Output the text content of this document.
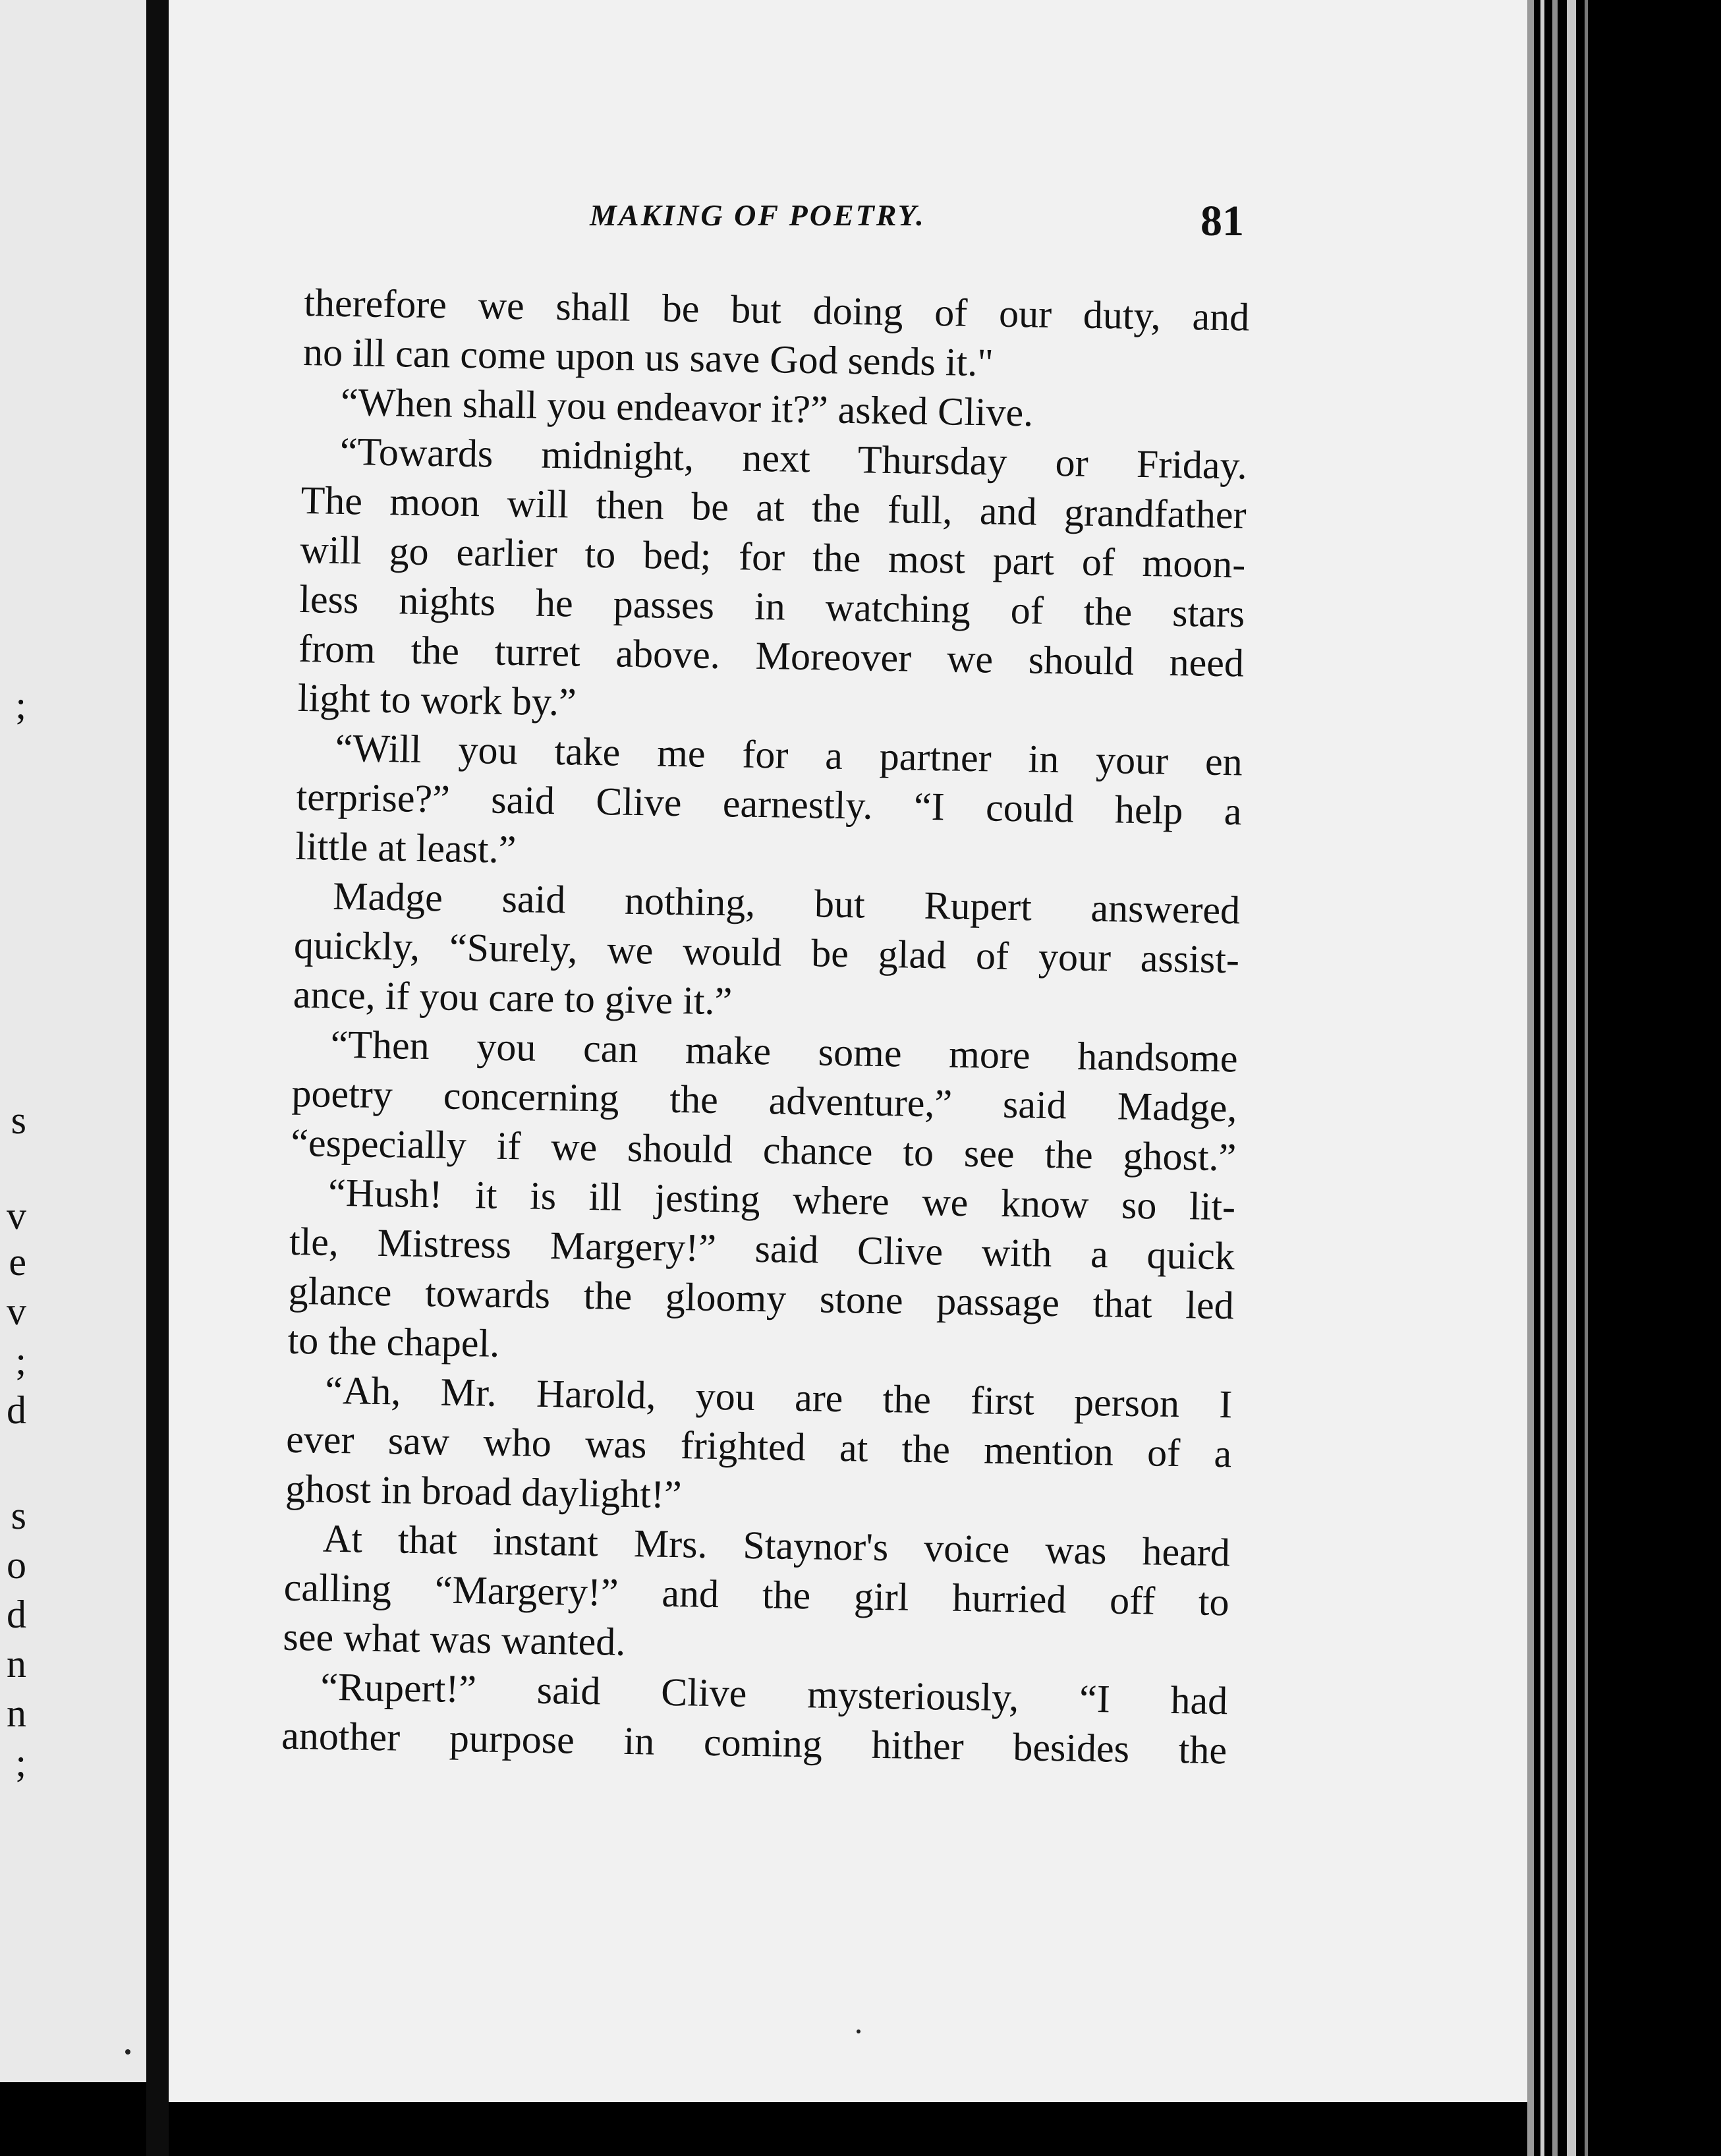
;
s
v
e
v
;
d
s
o
d
n
n
;
MAKING OF POETRY.	81
therefore we shall be but doing of our duty, and
no ill can come upon us save God sends it."
“When shall you endeavor it?” asked Clive.
“Towards midnight, next Thursday or Friday.
The moon will then be at the full, and grandfather
will go earlier to bed; for the most part of moon-
less nights he passes in watching of the stars
from the turret above. Moreover we should need
light to work by.”
“Will you take me for a partner in your en
terprise?” said Clive earnestly. “I could help a
little at least.”
Madge said nothing, but Rupert answered
quickly, “Surely, we would be glad of your assist-
ance, if you care to give it.”
“Then you can make some more handsome
poetry concerning the adventure,” said Madge,
“especially if we should chance to see the ghost.”
“Hush! it is ill jesting where we know so lit-
tle, Mistress Margery!” said Clive with a quick
glance towards the gloomy stone passage that led
to the chapel.
“Ah, Mr. Harold, you are the first person I
ever saw who was frighted at the mention of a
ghost in broad daylight!”
At that instant Mrs. Staynor's voice was heard
calling “Margery!” and the girl hurried off to
see what was wanted.
“Rupert!” said Clive mysteriously, “I had
another purpose in coming hither besides the
